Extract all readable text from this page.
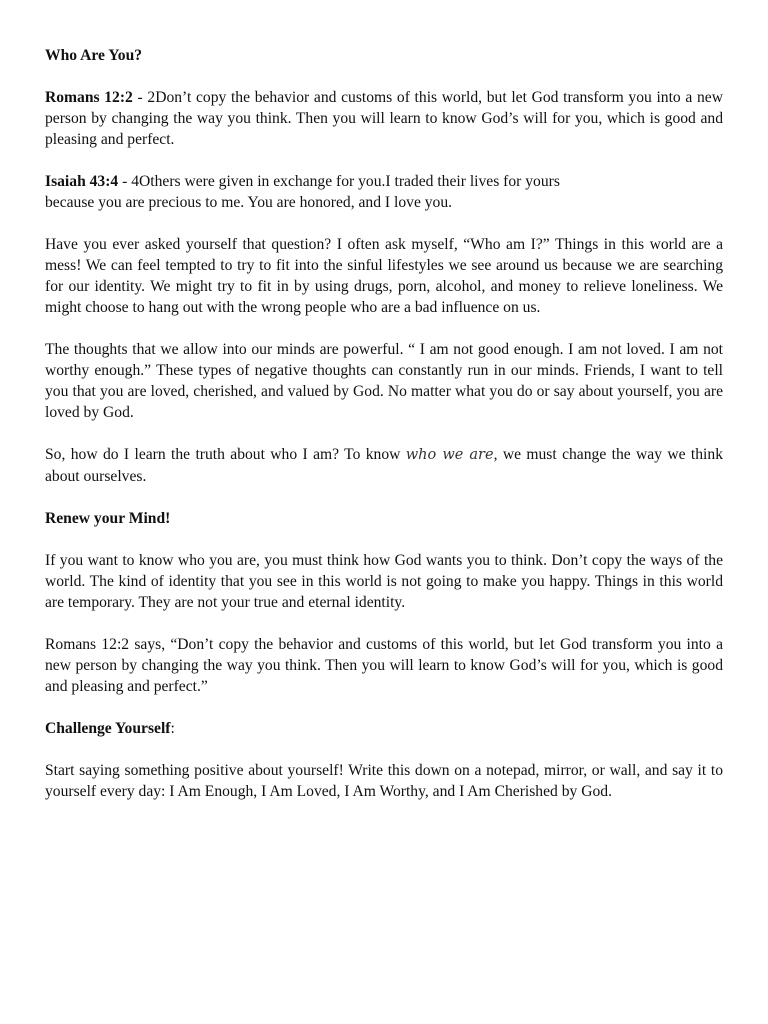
Who Are You?

Romans 12:2 - 2Don’t copy the behavior and customs of this world, but let God transform you into a new person by changing the way you think. Then you will learn to know God’s will for you, which is good and pleasing and perfect.

Isaiah 43:4 - 4Others were given in exchange for you.I traded their lives for yours
because you are precious to me. You are honored, and I love you.

Have you ever asked yourself that question? I often ask myself, “Who am I?” Things in this world are a mess! We can feel tempted to try to fit into the sinful lifestyles we see around us because we are searching for our identity. We might try to fit in by using drugs, porn, alcohol, and money to relieve loneliness. We might choose to hang out with the wrong people who are a bad influence on us.

The thoughts that we allow into our minds are powerful. “ I am not good enough. I am not loved. I am not worthy enough.” These types of negative thoughts can constantly run in our minds. Friends, I want to tell you that you are loved, cherished, and valued by God. No matter what you do or say about yourself, you are loved by God.

So, how do I learn the truth about who I am? To know who we are, we must change the way we think about ourselves.

Renew your Mind!

If you want to know who you are, you must think how God wants you to think. Don’t copy the ways of the world. The kind of identity that you see in this world is not going to make you happy. Things in this world are temporary. They are not your true and eternal identity.

Romans 12:2 says, “Don’t copy the behavior and customs of this world, but let God transform you into a new person by changing the way you think. Then you will learn to know God’s will for you, which is good and pleasing and perfect.”

Challenge Yourself:

Start saying something positive about yourself! Write this down on a notepad, mirror, or wall, and say it to yourself every day: I Am Enough, I Am Loved, I Am Worthy, and I Am Cherished by God.
